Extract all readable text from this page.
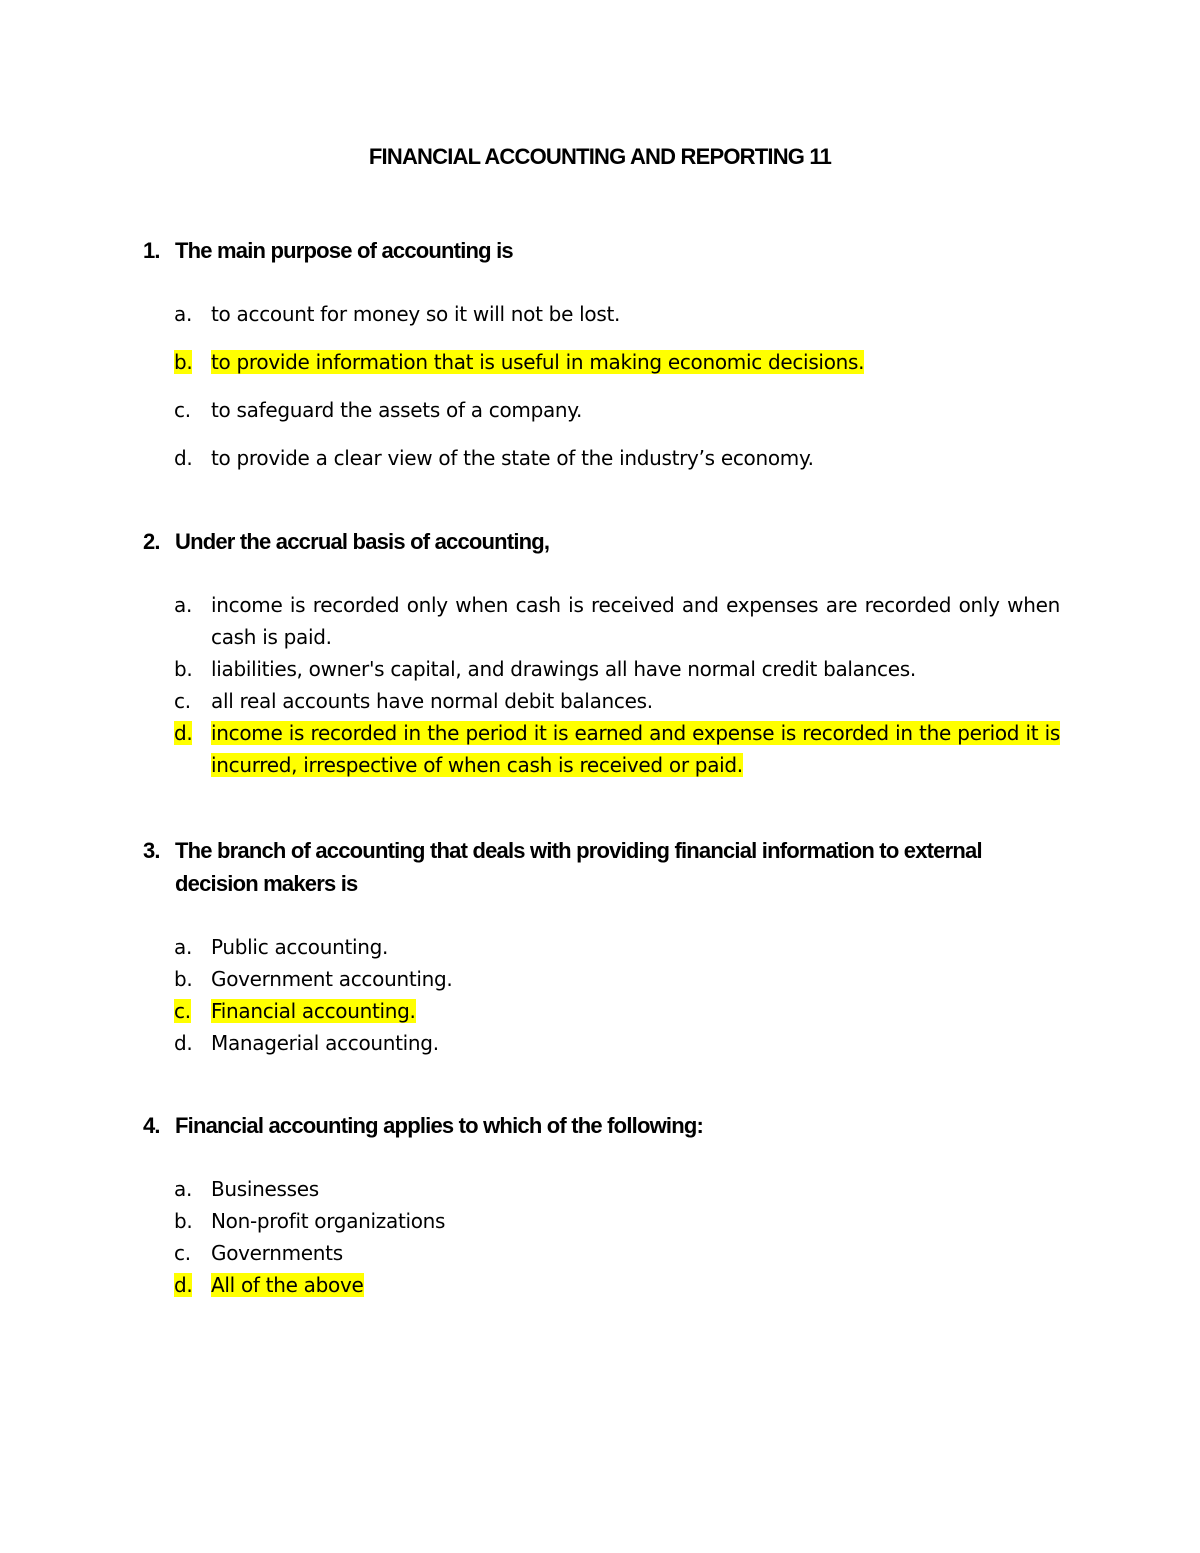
FINANCIAL ACCOUNTING AND REPORTING 11
1. The main purpose of accounting is
a. to account for money so it will not be lost.
b. to provide information that is useful in making economic decisions.
c.	to safeguard the assets of a company.
d. to provide a clear view of the state of the industry’s economy.
2. Under the accrual basis of accounting,
a. income is recorded only when cash is received and expenses are recorded only when cash is paid.
b. liabilities, owner's capital, and drawings all have normal credit balances.
c.	all real accounts have normal debit balances.
d. income is recorded in the period it is earned and expense is recorded in the period it is incurred, irrespective of when cash is received or paid.
3. The branch of accounting that deals with providing financial information to external decision makers is
a. Public accounting.
b. Government accounting.
c.	Financial accounting.
d. Managerial accounting.
4. Financial accounting applies to which of the following:
a. Businesses
b. Non-profit organizations
c.	Governments
d. All of the above
